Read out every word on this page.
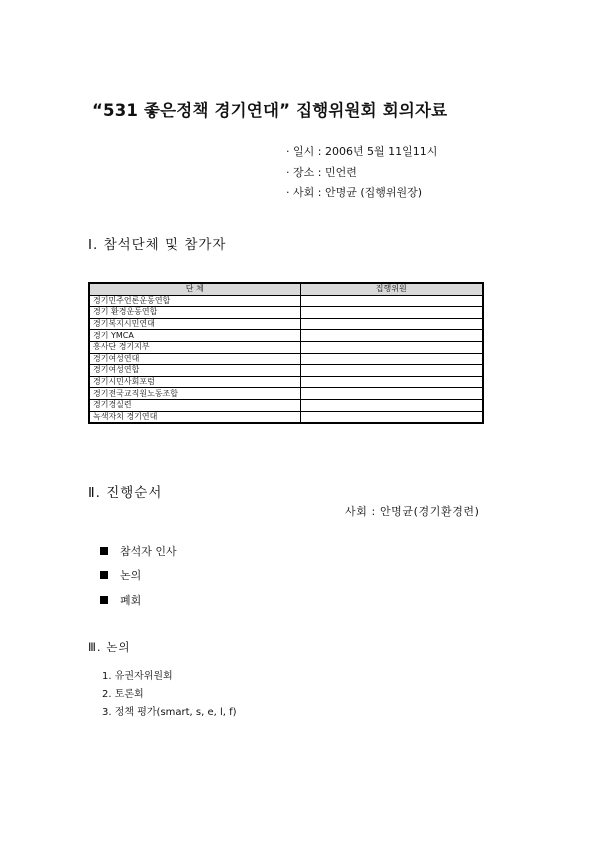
“531 좋은정책 경기연대” 집행위원회 회의자료
· 일시 : 2006년 5월 11일11시
· 장소 : 민언련
· 사회 : 안명균 (집행위원장)
Ⅰ. 참석단체 및 참가자
단 체	집행위원
경기민주언론운동연합	
경기 환경운동연합	
경기복지시민연대	
경기 YMCA	
흥사단 경기지부	
경기여성연대	
경기여성연합	
경기시민사회포럼	
경기전국교직원노동조합	
경기경실련	
녹색자치 경기연대	
Ⅱ. 진행순서
사회 : 안명균(경기환경련)
참석자 인사
논의
폐회
Ⅲ. 논의
1. 유권자위원회
2. 토론회
3. 정책 평가(smart, s, e, l, f)
